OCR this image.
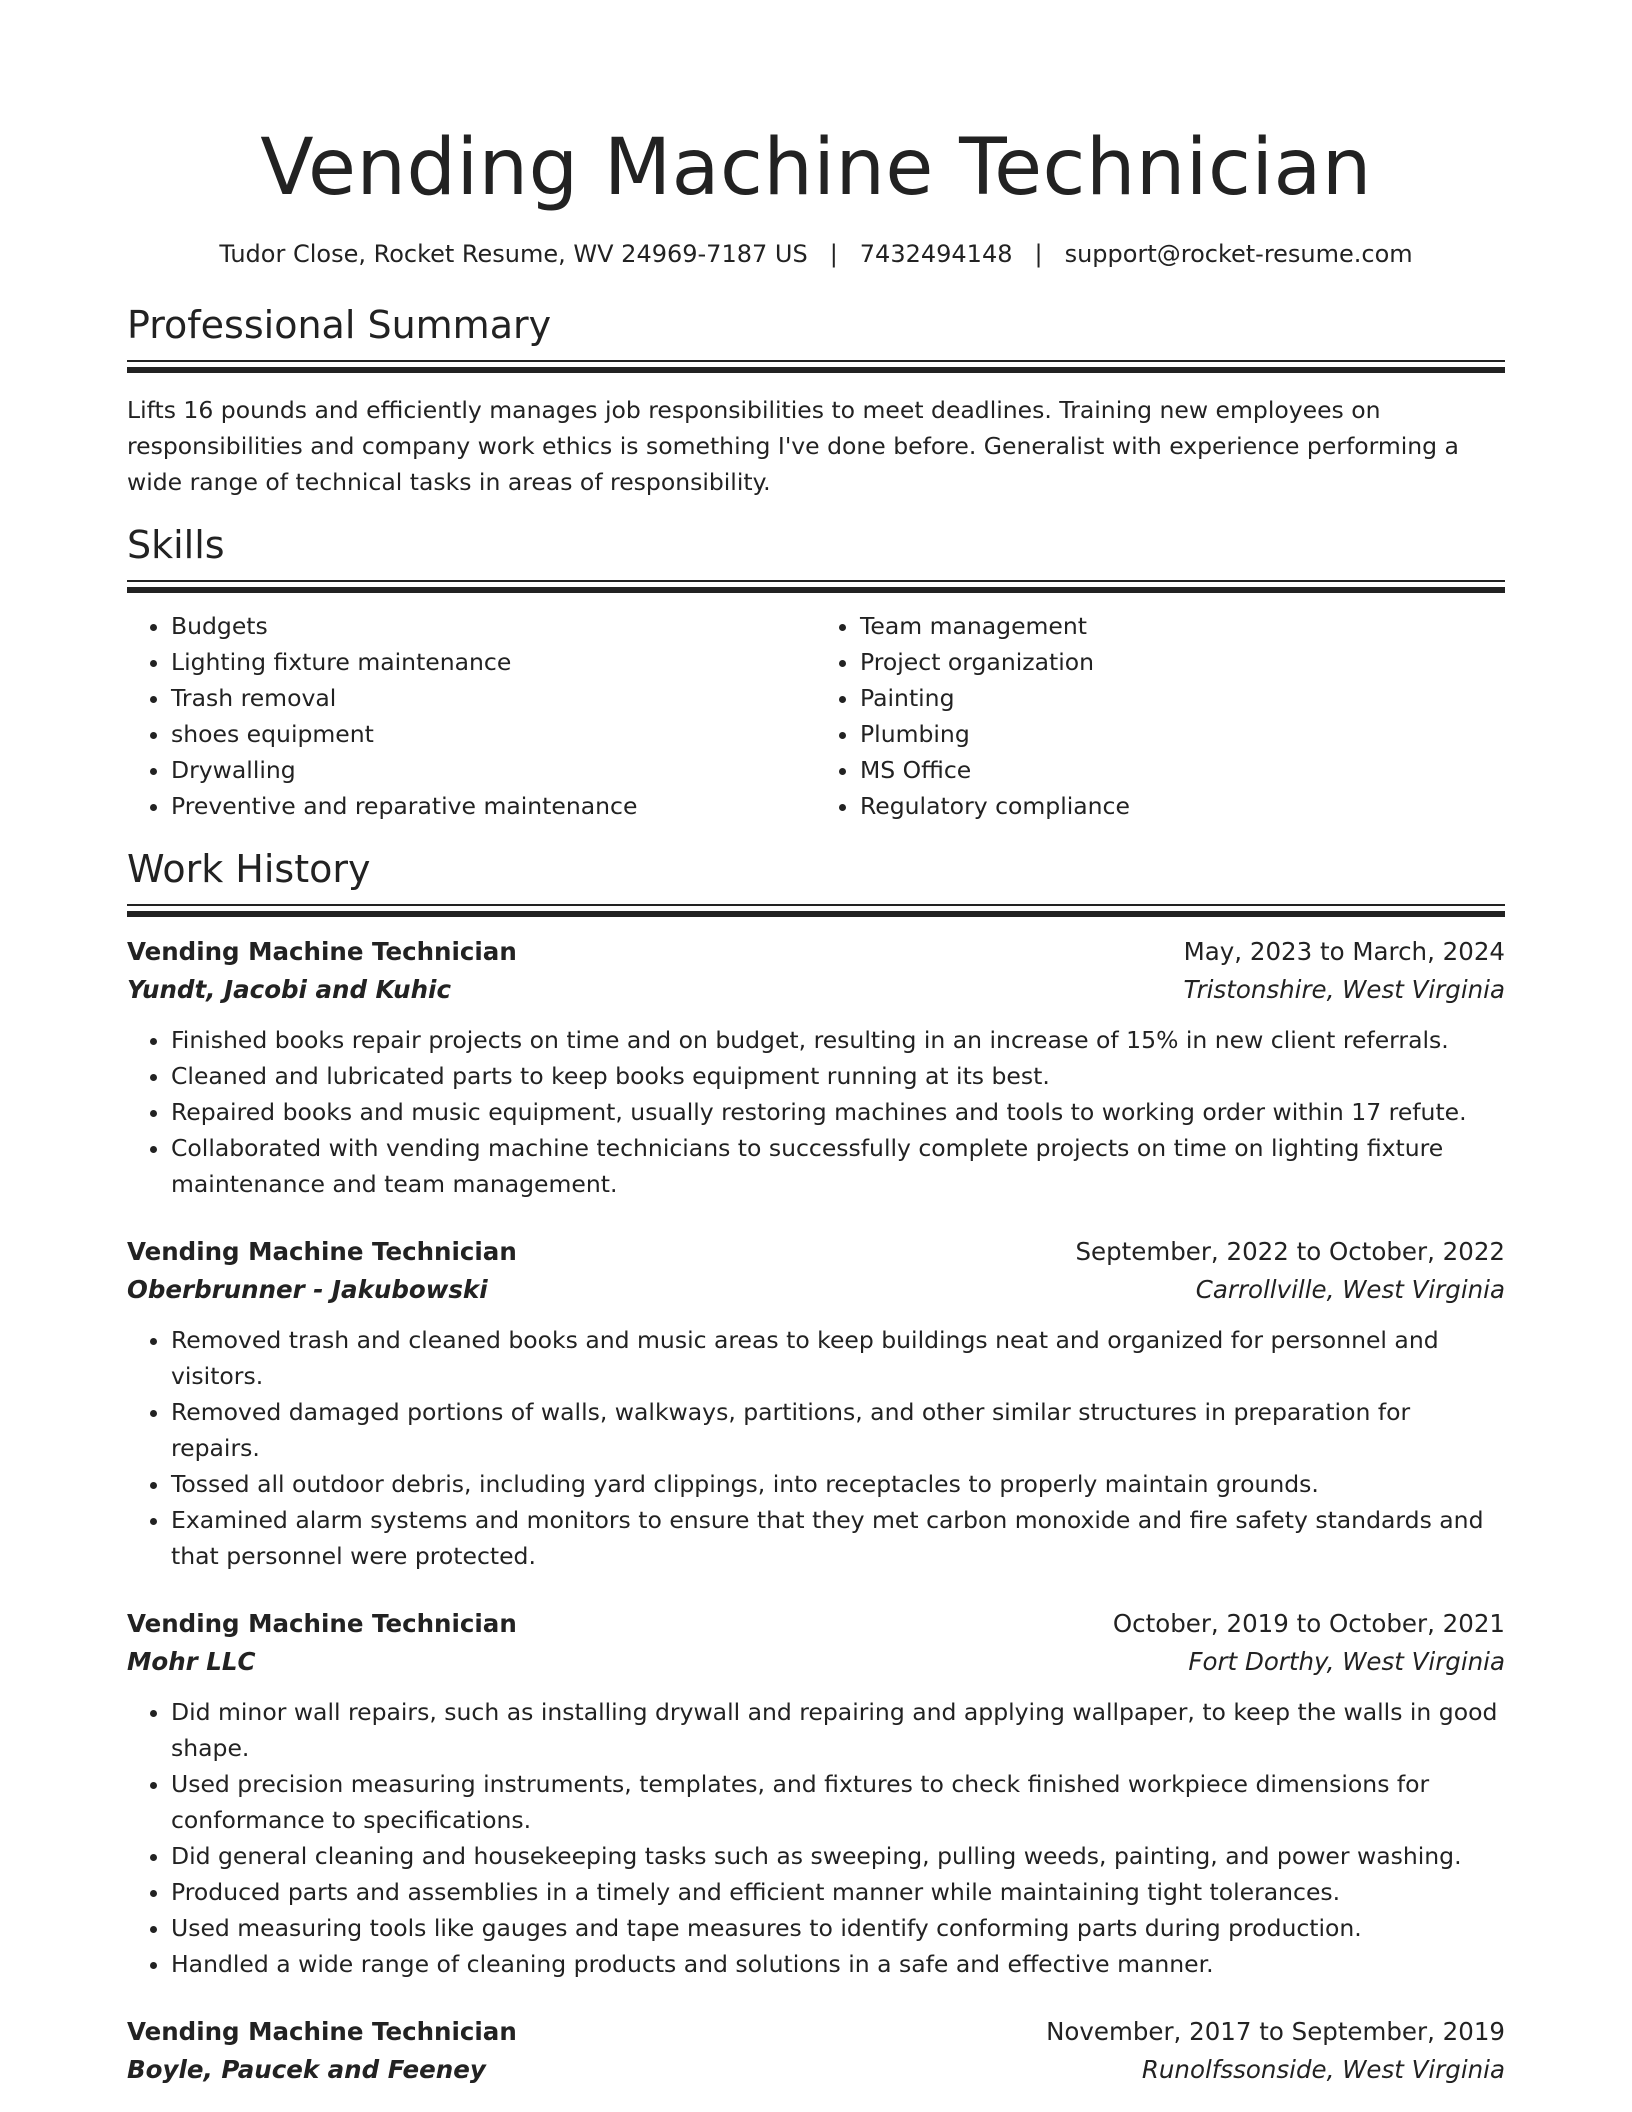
Vending Machine Technician
Tudor Close, Rocket Resume, WV 24969-7187 US | 7432494148 | support@rocket-resume.com
Professional Summary

Lifts 16 pounds and efficiently manages job responsibilities to meet deadlines. Training new employees on responsibilities and company work ethics is something I've done before. Generalist with experience performing a wide range of technical tasks in areas of responsibility.

Skills
• Budgets
• Lighting fixture maintenance
• Trash removal
• shoes equipment
• Drywalling
• Preventive and reparative maintenance
• Team management
• Project organization
• Painting
• Plumbing
• MS Office
• Regulatory compliance
Work History
Vending Machine Technician	May, 2023 to March, 2024
Yundt, Jacobi and Kuhic	Tristonshire, West Virginia
• Finished books repair projects on time and on budget, resulting in an increase of 15% in new client referrals.
• Cleaned and lubricated parts to keep books equipment running at its best.
• Repaired books and music equipment, usually restoring machines and tools to working order within 17 refute.
• Collaborated with vending machine technicians to successfully complete projects on time on lighting fixture maintenance and team management.
Vending Machine Technician	September, 2022 to October, 2022
Oberbrunner - Jakubowski	Carrollville, West Virginia
• Removed trash and cleaned books and music areas to keep buildings neat and organized for personnel and visitors.
• Removed damaged portions of walls, walkways, partitions, and other similar structures in preparation for repairs.
• Tossed all outdoor debris, including yard clippings, into receptacles to properly maintain grounds.
• Examined alarm systems and monitors to ensure that they met carbon monoxide and fire safety standards and that personnel were protected.
Vending Machine Technician	October, 2019 to October, 2021
Mohr LLC	Fort Dorthy, West Virginia
• Did minor wall repairs, such as installing drywall and repairing and applying wallpaper, to keep the walls in good shape.
• Used precision measuring instruments, templates, and fixtures to check finished workpiece dimensions for conformance to specifications.
• Did general cleaning and housekeeping tasks such as sweeping, pulling weeds, painting, and power washing.
• Produced parts and assemblies in a timely and efficient manner while maintaining tight tolerances.
• Used measuring tools like gauges and tape measures to identify conforming parts during production.
• Handled a wide range of cleaning products and solutions in a safe and effective manner.
Vending Machine Technician	November, 2017 to September, 2019
Boyle, Paucek and Feeney	Runolfssonside, West Virginia
